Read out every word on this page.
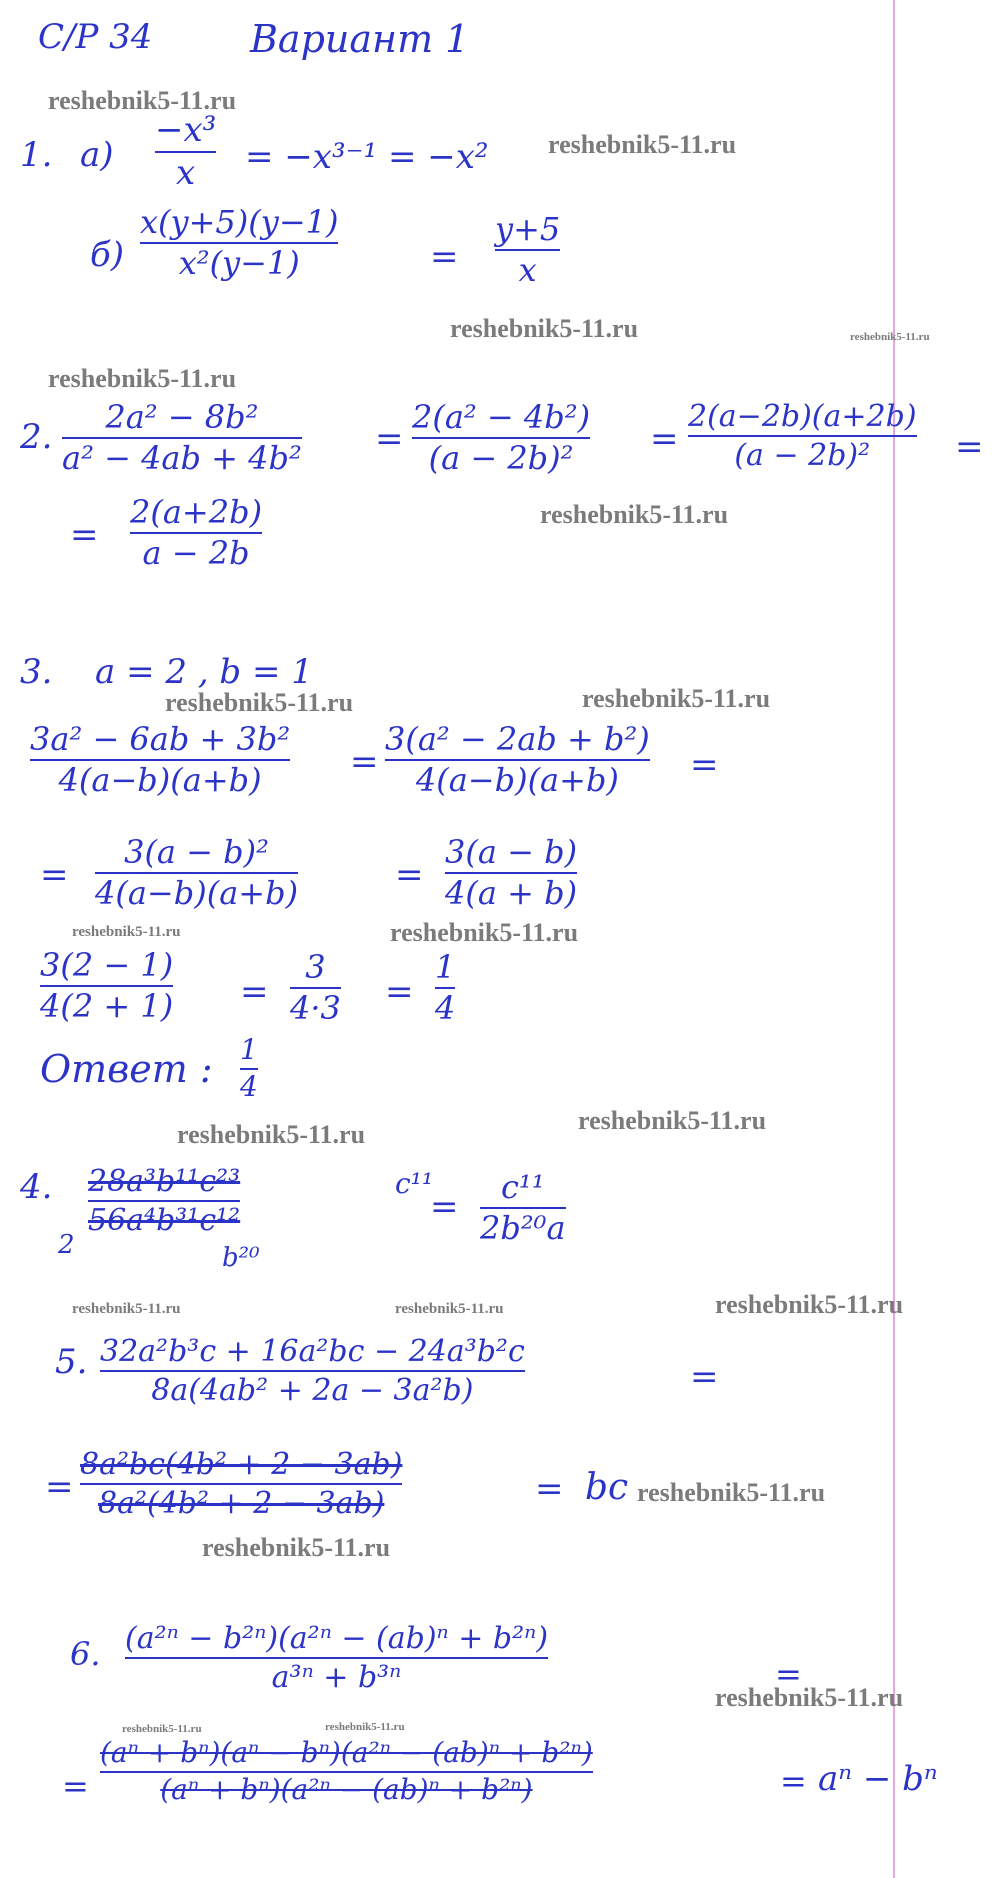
С/Р 34	Вариант 1
reshebnik5-11.ru
1. а)
−x³
x = −x³⁻¹ = −x² reshebnik5-11.ru
б)
x(y+5)(y−1)
x²(y−1)	=
y+5
x
reshebnik5-11.ru	reshebnik5-11.ru
reshebnik5-11.ru
2. 2a² − 8b²
a² − 4ab + 4b² =
2(a² − 4b²)
(a − 2b)² =
2(a−2b)(a+2b)
(a − 2b)² =
=
2(a+2b)
a − 2b
reshebnik5-11.ru
3. a = 2 , b = 1
reshebnik5-11.ru	reshebnik5-11.ru
3a² − 6ab + 3b²
4(a−b)(a+b)	=
3(a² − 2ab + b²)
4(a−b)(a+b) =
=
3(a − b)²
4(a−b)(a+b)	=
3(a − b)
4(a + b)
reshebnik5-11.ru	reshebnik5-11.ru
3(2 − 1)
4(2 + 1) =
3
4·3 =
1
4
Ответ : 1
4
reshebnik5-11.ru
reshebnik5-11.ru
4. 28a³b¹¹c²³
56a⁴b³¹c¹²
c¹¹
b²⁰
2
= c¹¹
2b²⁰a
reshebnik5-11.ru	reshebnik5-11.ru	reshebnik5-11.ru
5. 32a²b³c + 16a²bc − 24a³b²c
8a(4ab² + 2a − 3a²b)	=
=
8a²bc(4b² + 2 − 3ab)
8a²(4b² + 2 − 3ab)	= bc reshebnik5-11.ru
reshebnik5-11.ru
6. (a²ⁿ − b²ⁿ)(a²ⁿ − (ab)ⁿ + b²ⁿ)
a³ⁿ + b³ⁿ	=
reshebnik5-11.ru
reshebnik5-11.ru	reshebnik5-11.ru
=
(aⁿ + bⁿ)(aⁿ − bⁿ)(a²ⁿ − (ab)ⁿ + b²ⁿ)
(aⁿ + bⁿ)(a²ⁿ − (ab)ⁿ + b²ⁿ)	= aⁿ − bⁿ
